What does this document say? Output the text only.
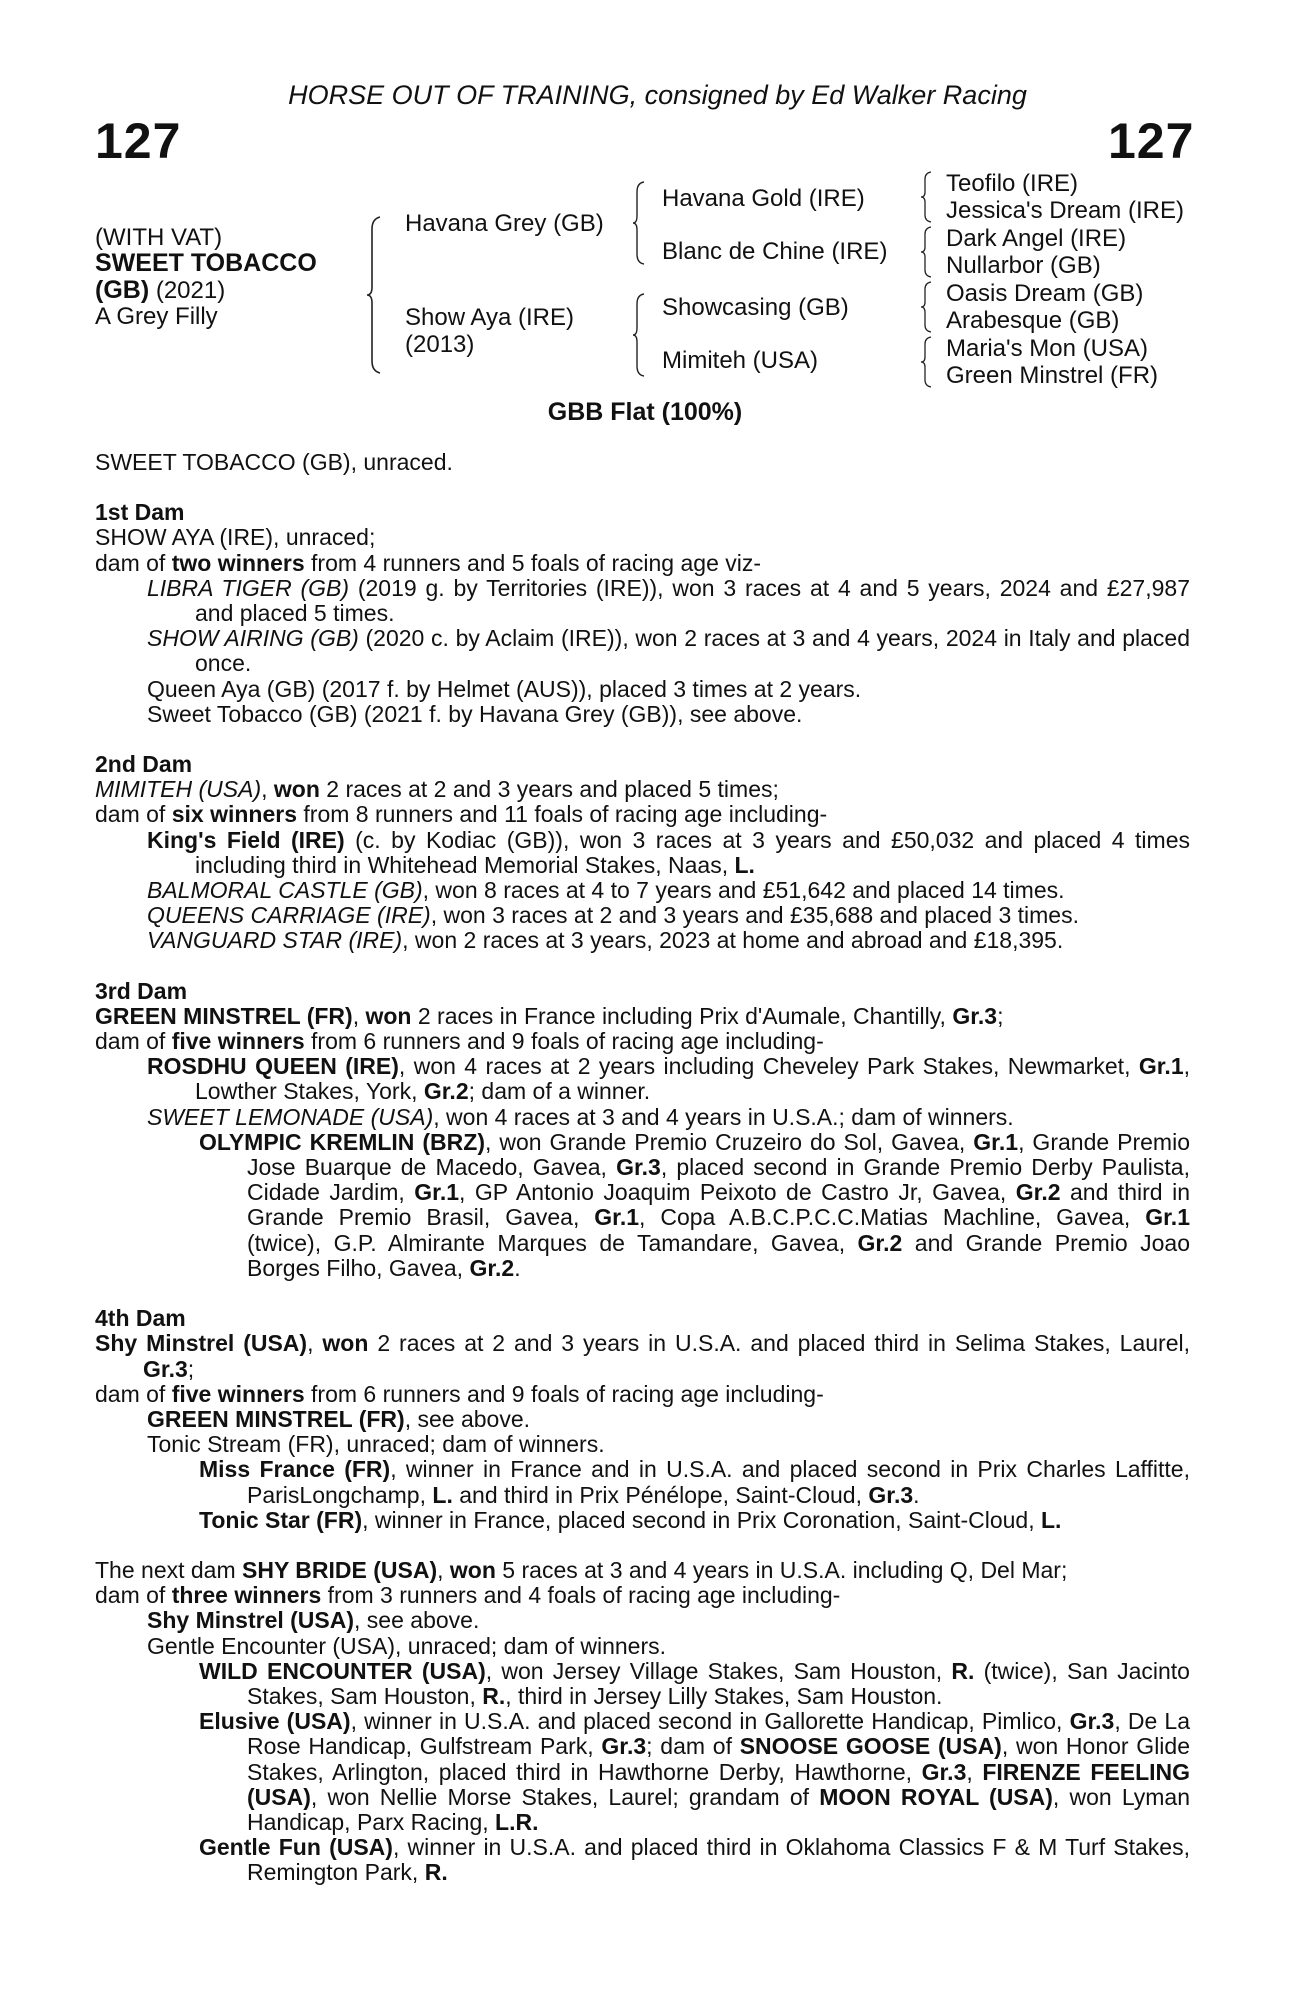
127	127
HORSE OUT OF TRAINING, consigned by Ed Walker Racing
(WITH VAT)
SWEET TOBACCO
(GB) (2021)
A Grey Filly
Havana Grey (GB)
Show Aya (IRE)
(2013)
Havana Gold (IRE)
Blanc de Chine (IRE)
Showcasing (GB)
Mimiteh (USA)
Teofilo (IRE)
Jessica's Dream (IRE)
Dark Angel (IRE)
Nullarbor (GB)
Oasis Dream (GB)
Arabesque (GB)
Maria's Mon (USA)
Green Minstrel (FR)
GBB Flat (100%)
SWEET TOBACCO (GB), unraced.
1st Dam
SHOW AYA (IRE), unraced;
dam of two winners from 4 runners and 5 foals of racing age viz-
LIBRA TIGER (GB) (2019 g. by Territories (IRE)), won 3 races at 4 and 5 years, 2024 and £27,987 and placed 5 times.
SHOW AIRING (GB) (2020 c. by Aclaim (IRE)), won 2 races at 3 and 4 years, 2024 in Italy and placed once.
Queen Aya (GB) (2017 f. by Helmet (AUS)), placed 3 times at 2 years.
Sweet Tobacco (GB) (2021 f. by Havana Grey (GB)), see above.
2nd Dam
MIMITEH (USA), won 2 races at 2 and 3 years and placed 5 times;
dam of six winners from 8 runners and 11 foals of racing age including-
King's Field (IRE) (c. by Kodiac (GB)), won 3 races at 3 years and £50,032 and placed 4 times including third in Whitehead Memorial Stakes, Naas, L.
BALMORAL CASTLE (GB), won 8 races at 4 to 7 years and £51,642 and placed 14 times.
QUEENS CARRIAGE (IRE), won 3 races at 2 and 3 years and £35,688 and placed 3 times.
VANGUARD STAR (IRE), won 2 races at 3 years, 2023 at home and abroad and £18,395.
3rd Dam
GREEN MINSTREL (FR), won 2 races in France including Prix d'Aumale, Chantilly, Gr.3;
dam of five winners from 6 runners and 9 foals of racing age including-
ROSDHU QUEEN (IRE), won 4 races at 2 years including Cheveley Park Stakes, Newmarket, Gr.1, Lowther Stakes, York, Gr.2; dam of a winner.
SWEET LEMONADE (USA), won 4 races at 3 and 4 years in U.S.A.; dam of winners.
OLYMPIC KREMLIN (BRZ), won Grande Premio Cruzeiro do Sol, Gavea, Gr.1, Grande Premio Jose Buarque de Macedo, Gavea, Gr.3, placed second in Grande Premio Derby Paulista, Cidade Jardim, Gr.1, GP Antonio Joaquim Peixoto de Castro Jr, Gavea, Gr.2 and third in Grande Premio Brasil, Gavea, Gr.1, Copa A.B.C.P.C.C.Matias Machline, Gavea, Gr.1 (twice), G.P. Almirante Marques de Tamandare, Gavea, Gr.2 and Grande Premio Joao Borges Filho, Gavea, Gr.2.
4th Dam
Shy Minstrel (USA), won 2 races at 2 and 3 years in U.S.A. and placed third in Selima Stakes, Laurel, Gr.3;
dam of five winners from 6 runners and 9 foals of racing age including-
GREEN MINSTREL (FR), see above.
Tonic Stream (FR), unraced; dam of winners.
Miss France (FR), winner in France and in U.S.A. and placed second in Prix Charles Laffitte, ParisLongchamp, L. and third in Prix Pénélope, Saint-Cloud, Gr.3.
Tonic Star (FR), winner in France, placed second in Prix Coronation, Saint-Cloud, L.
The next dam SHY BRIDE (USA), won 5 races at 3 and 4 years in U.S.A. including Q, Del Mar;
dam of three winners from 3 runners and 4 foals of racing age including-
Shy Minstrel (USA), see above.
Gentle Encounter (USA), unraced; dam of winners.
WILD ENCOUNTER (USA), won Jersey Village Stakes, Sam Houston, R. (twice), San Jacinto Stakes, Sam Houston, R., third in Jersey Lilly Stakes, Sam Houston.
Elusive (USA), winner in U.S.A. and placed second in Gallorette Handicap, Pimlico, Gr.3, De La Rose Handicap, Gulfstream Park, Gr.3; dam of SNOOSE GOOSE (USA), won Honor Glide Stakes, Arlington, placed third in Hawthorne Derby, Hawthorne, Gr.3, FIRENZE FEELING (USA), won Nellie Morse Stakes, Laurel; grandam of MOON ROYAL (USA), won Lyman Handicap, Parx Racing, L.R.
Gentle Fun (USA), winner in U.S.A. and placed third in Oklahoma Classics F & M Turf Stakes, Remington Park, R.
